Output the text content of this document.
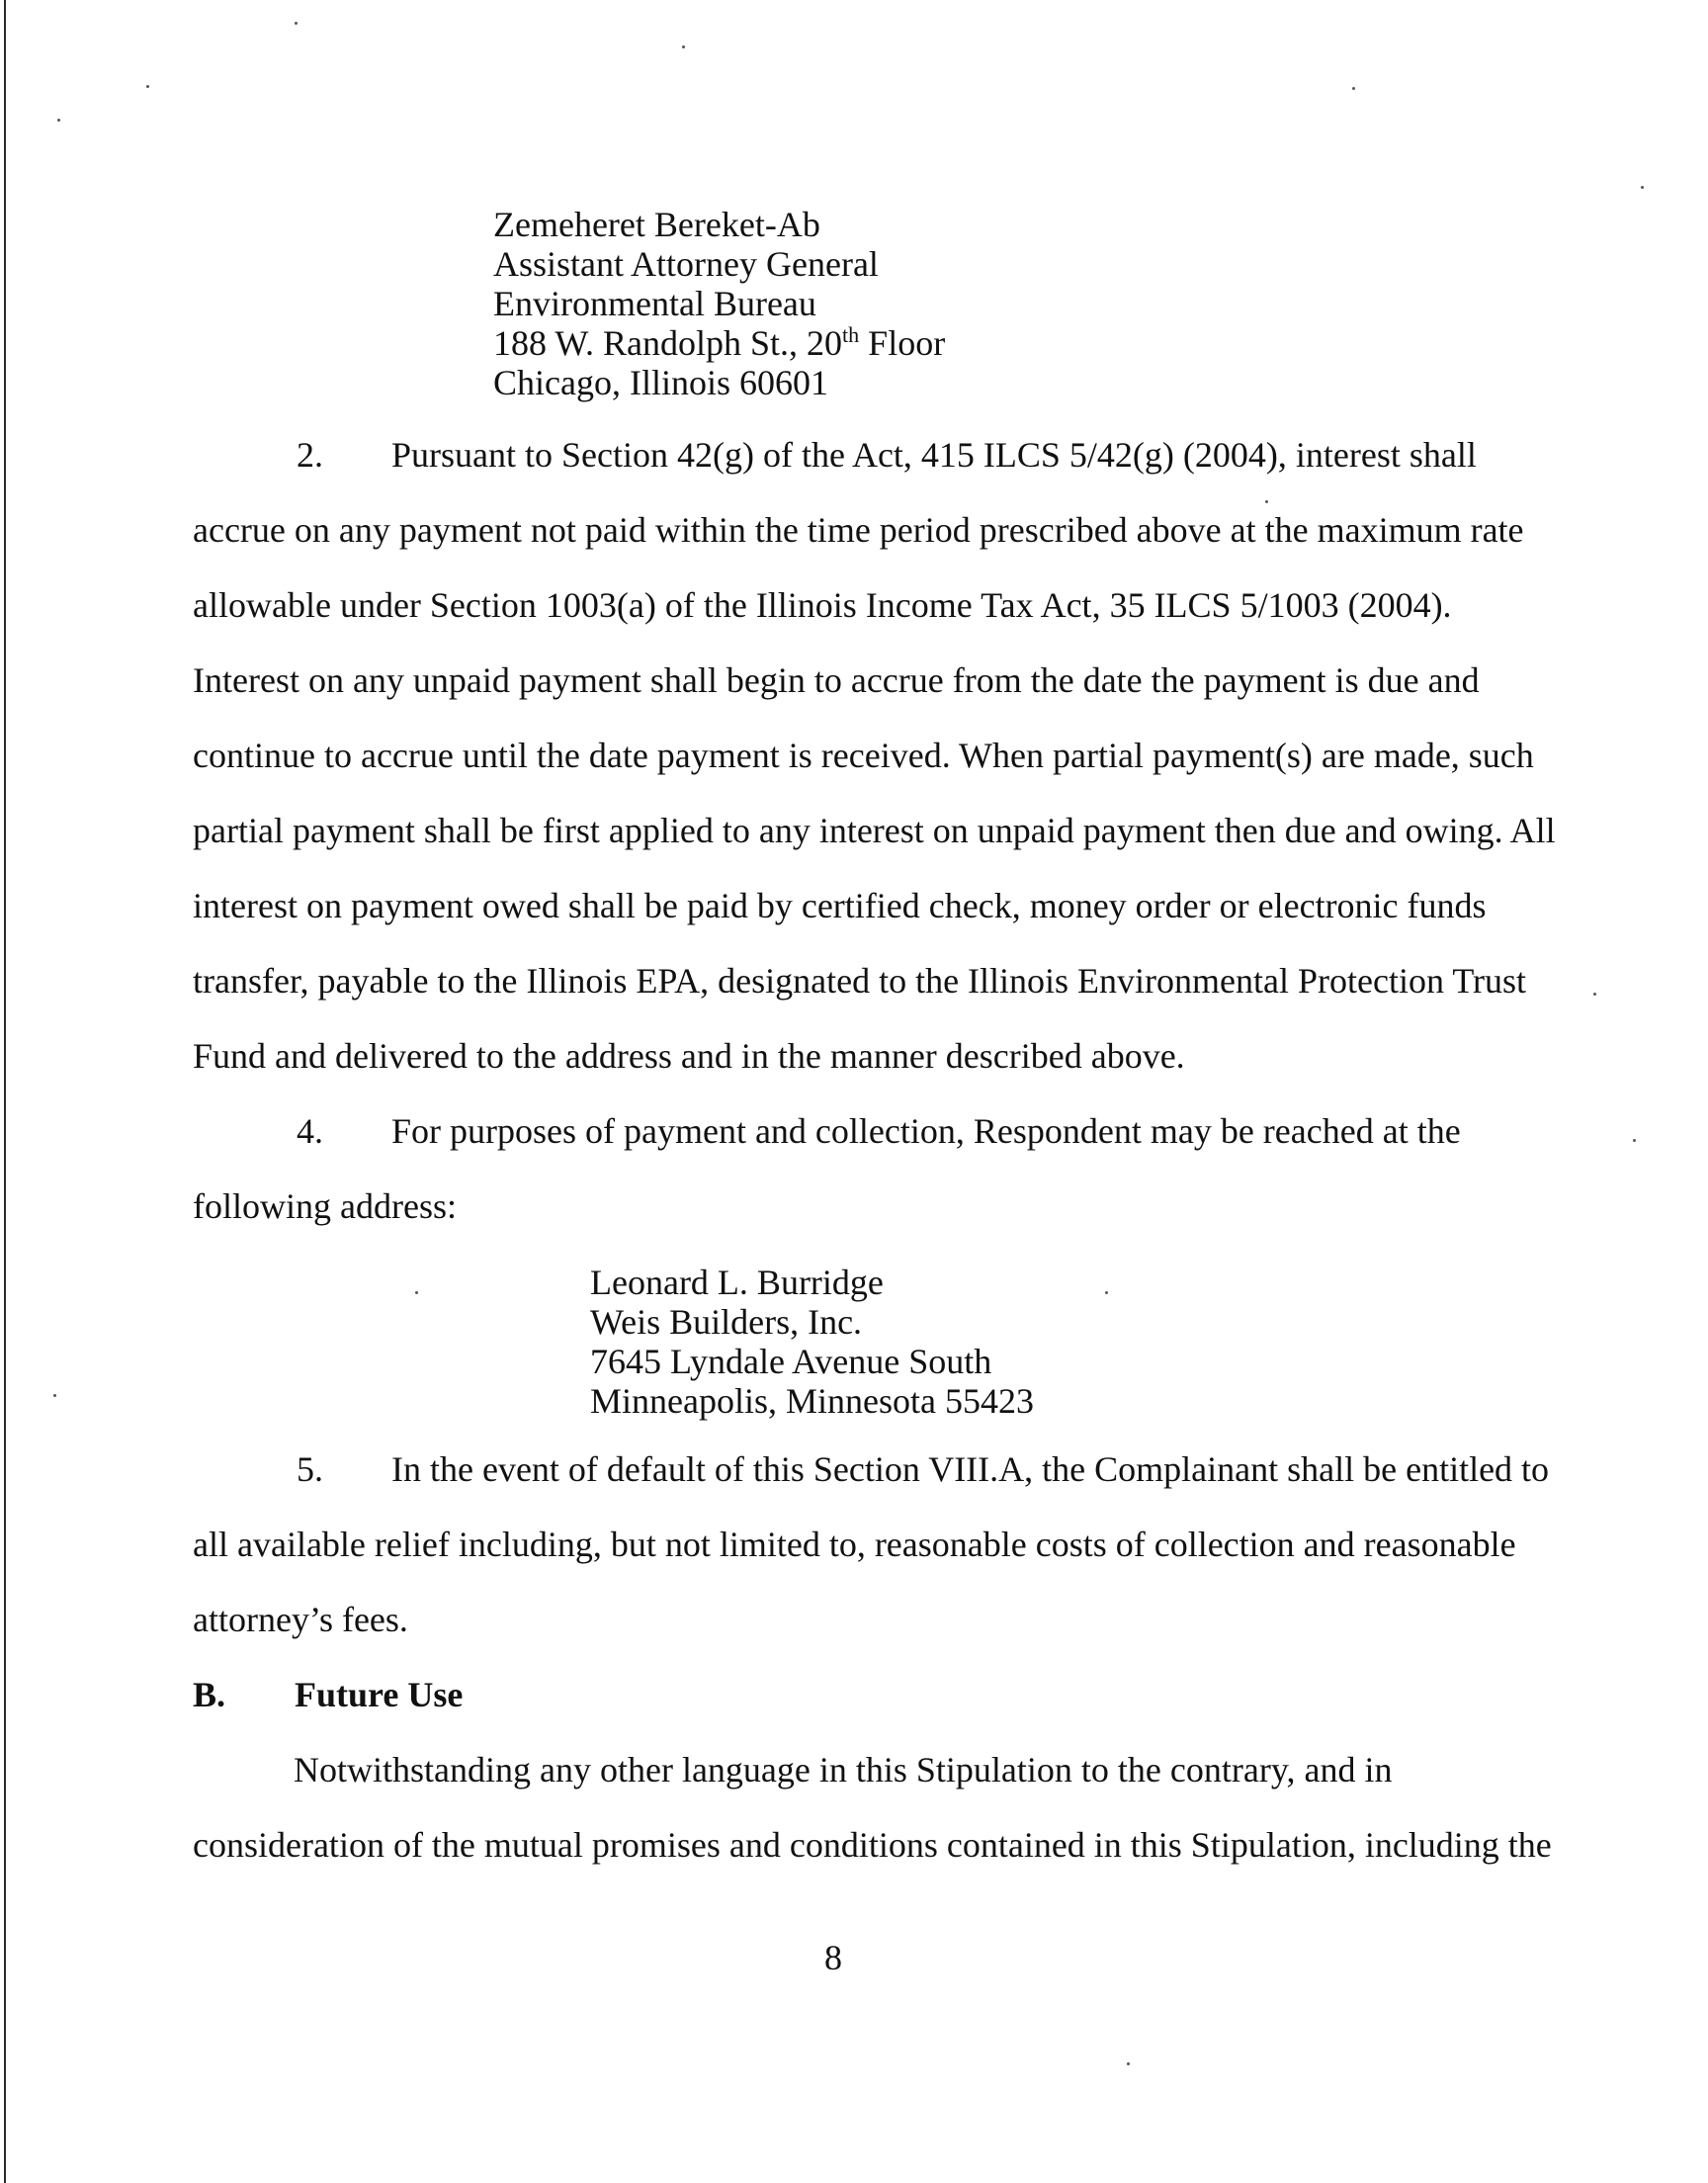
Zemeheret Bereket-Ab
Assistant Attorney General
Environmental Bureau
188 W. Randolph St., 20th Floor
Chicago, Illinois 60601
2. Pursuant to Section 42(g) of the Act, 415 ILCS 5/42(g) (2004), interest shall
accrue on any payment not paid within the time period prescribed above at the maximum rate
allowable under Section 1003(a) of the Illinois Income Tax Act, 35 ILCS 5/1003 (2004).
Interest on any unpaid payment shall begin to accrue from the date the payment is due and
continue to accrue until the date payment is received. When partial payment(s) are made, such
partial payment shall be first applied to any interest on unpaid payment then due and owing. All
interest on payment owed shall be paid by certified check, money order or electronic funds
transfer, payable to the Illinois EPA, designated to the Illinois Environmental Protection Trust
Fund and delivered to the address and in the manner described above.
4. For purposes of payment and collection, Respondent may be reached at the
following address:
Leonard L. Burridge
Weis Builders, Inc.
7645 Lyndale Avenue South
Minneapolis, Minnesota 55423
5. In the event of default of this Section VIII.A, the Complainant shall be entitled to
all available relief including, but not limited to, reasonable costs of collection and reasonable
attorney’s fees.
B. Future Use
Notwithstanding any other language in this Stipulation to the contrary, and in
consideration of the mutual promises and conditions contained in this Stipulation, including the
8
